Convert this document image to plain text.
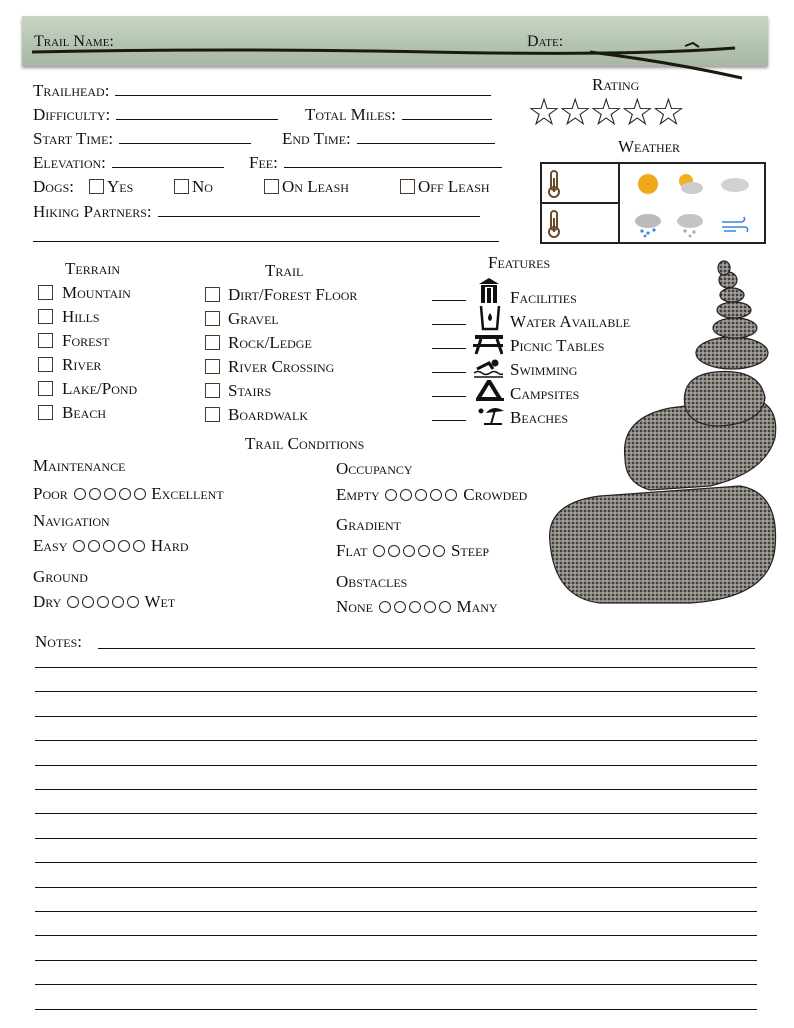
Trail Name:	Date:
Trailhead:
Difficulty:	Total Miles:
Start Time:	End Time:
Elevation:	Fee:
Dogs:	Yes	No	On Leash	Off Leash
Hiking Partners:
Rating
☆☆☆☆☆
Weather
Terrain
Mountain
Hills
Forest
River
Lake/Pond
Beach
Trail
Dirt/Forest Floor
Gravel
Rock/Ledge
River Crossing
Stairs
Boardwalk
Features
Facilities
Water Available
Picnic Tables
Swimming
Campsites
Beaches
Trail Conditions
Maintenance
Poor	Excellent
Navigation
Easy	Hard
Ground
Dry	Wet
Occupancy
Empty	Crowded
Gradient
Flat	Steep
Obstacles
None	Many
Notes:
